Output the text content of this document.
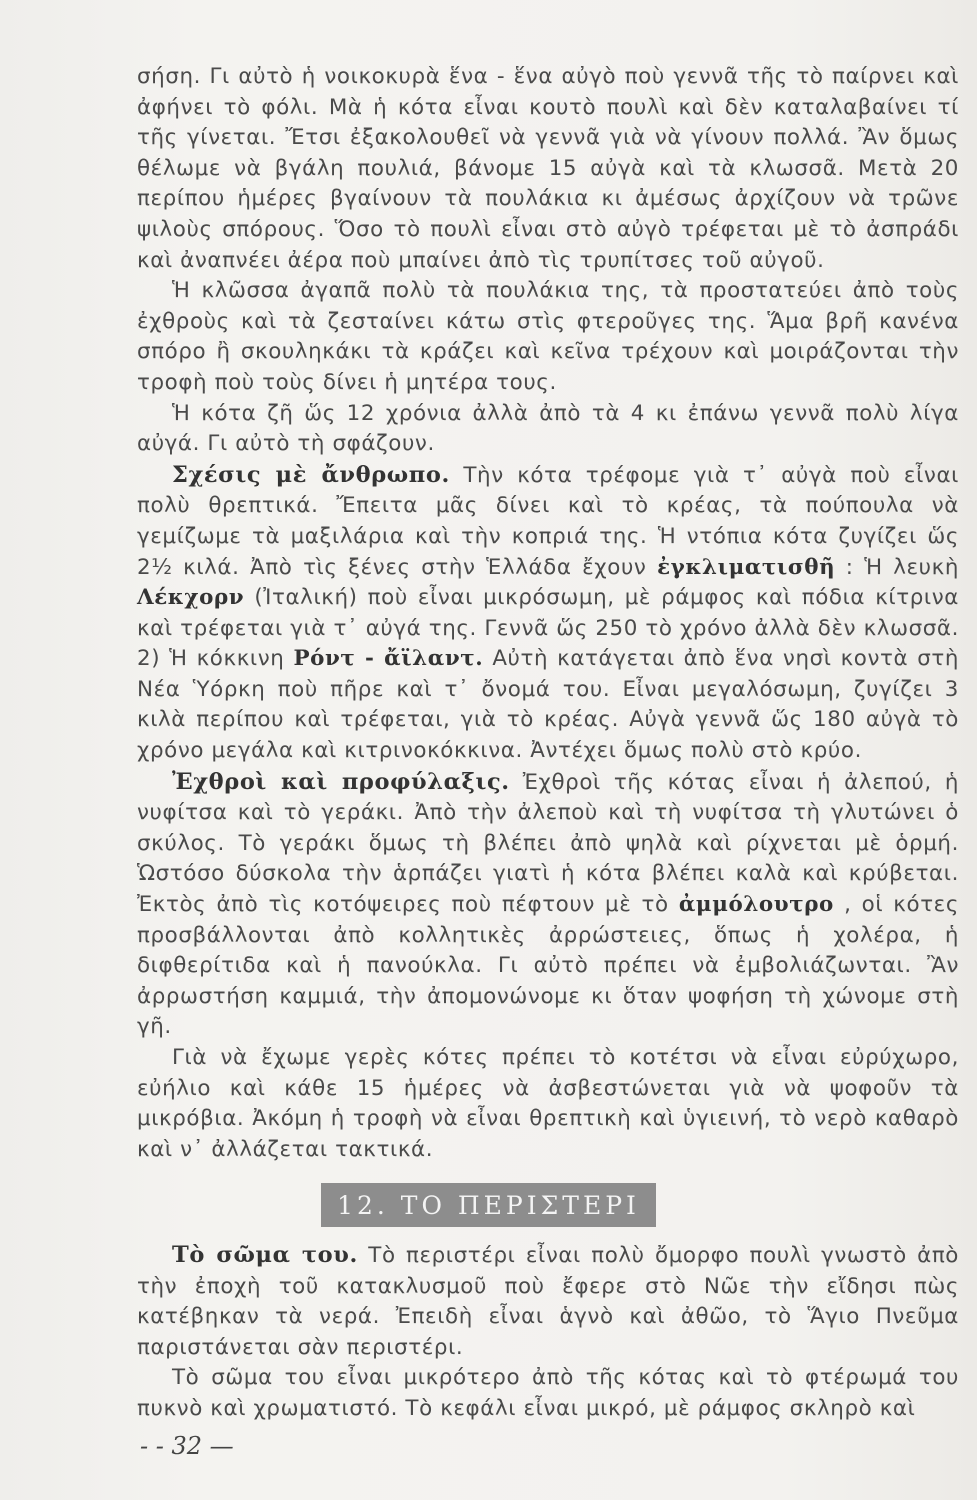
σήση. Γι αὐτὸ ἡ νοικοκυρὰ ἕνα - ἕνα αὐγὸ ποὺ γεννᾶ τῆς τὸ παίρνει καὶ ἀφήνει τὸ φόλι. Μὰ ἡ κότα εἶναι κουτὸ πουλὶ καὶ δὲν καταλαβαίνει τί τῆς γίνεται. Ἔτσι ἐξακολουθεῖ νὰ γεννᾶ γιὰ νὰ γίνουν πολλά. Ἂν ὅμως θέλωμε νὰ βγάλη πουλιά, βάνομε 15 αὐγὰ καὶ τὰ κλωσσᾶ. Μετὰ 20 περίπου ἡμέρες βγαίνουν τὰ πουλάκια κι ἀμέσως ἀρχίζουν νὰ τρῶνε ψιλοὺς σπόρους. Ὅσο τὸ πουλὶ εἶναι στὸ αὐγὸ τρέφεται μὲ τὸ ἀσπράδι καὶ ἀναπνέει ἀέρα ποὺ μπαίνει ἀπὸ τὶς τρυπίτσες τοῦ αὐγοῦ.

Ἡ κλῶσσα ἀγαπᾶ πολὺ τὰ πουλάκια της, τὰ προστατεύει ἀπὸ τοὺς ἐχθροὺς καὶ τὰ ζεσταίνει κάτω στὶς φτεροῦγες της. Ἅμα βρῆ κανένα σπόρο ἢ σκουληκάκι τὰ κράζει καὶ κεῖνα τρέχουν καὶ μοιράζονται τὴν τροφὴ ποὺ τοὺς δίνει ἡ μητέρα τους.

Ἡ κότα ζῆ ὥς 12 χρόνια ἀλλὰ ἀπὸ τὰ 4 κι ἐπάνω γεννᾶ πολὺ λίγα αὐγά. Γι αὐτὸ τὴ σφάζουν.

Σχέσις μὲ ἄνθρωπο. Τὴν κότα τρέφομε γιὰ τ᾽ αὐγὰ ποὺ εἶναι πολὺ θρεπτικά. Ἔπειτα μᾶς δίνει καὶ τὸ κρέας, τὰ πούπουλα νὰ γεμίζωμε τὰ μαξιλάρια καὶ τὴν κοπριά της. Ἡ ντόπια κότα ζυγίζει ὥς 2½ κιλά. Ἀπὸ τὶς ξένες στὴν Ἑλλάδα ἔχουν ἐγκλιματισθῆ : Ἡ λευκὴ Λέκχορν (Ἰταλική) ποὺ εἶναι μικρόσωμη, μὲ ράμφος καὶ πόδια κίτρινα καὶ τρέφεται γιὰ τ᾽ αὐγά της. Γεννᾶ ὥς 250 τὸ χρόνο ἀλλὰ δὲν κλωσσᾶ. 2) Ἡ κόκκινη Ρόντ - ἄϊλαντ. Αὐτὴ κατάγεται ἀπὸ ἕνα νησὶ κοντὰ στὴ Νέα Ὑόρκη ποὺ πῆρε καὶ τ᾽ ὄνομά του. Εἶναι μεγαλόσωμη, ζυγίζει 3 κιλὰ περίπου καὶ τρέφεται, γιὰ τὸ κρέας. Αὐγὰ γεννᾶ ὥς 180 αὐγὰ τὸ χρόνο μεγάλα καὶ κιτρινοκόκκινα. Ἀντέχει ὅμως πολὺ στὸ κρύο.

Ἐχθροὶ καὶ προφύλαξις. Ἐχθροὶ τῆς κότας εἶναι ἡ ἀλεπού, ἡ νυφίτσα καὶ τὸ γεράκι. Ἀπὸ τὴν ἀλεποὺ καὶ τὴ νυφίτσα τὴ γλυτώνει ὁ σκύλος. Τὸ γεράκι ὅμως τὴ βλέπει ἀπὸ ψηλὰ καὶ ρίχνεται μὲ ὁρμή. Ὡστόσο δύσκολα τὴν ἁρπάζει γιατὶ ἡ κότα βλέπει καλὰ καὶ κρύβεται. Ἐκτὸς ἀπὸ τὶς κοτόψειρες ποὺ πέφτουν μὲ τὸ ἀμμόλουτρο , οἱ κότες προσβάλλονται ἀπὸ κολλητικὲς ἀρρώστειες, ὅπως ἡ χολέρα, ἡ διφθερίτιδα καὶ ἡ πανούκλα. Γι αὐτὸ πρέπει νὰ ἐμβολιάζωνται. Ἂν ἀρρωστήση καμμιά, τὴν ἀπομονώνομε κι ὅταν ψοφήση τὴ χώνομε στὴ γῆ.

Γιὰ νὰ ἔχωμε γερὲς κότες πρέπει τὸ κοτέτσι νὰ εἶναι εὐρύχωρο, εὐήλιο καὶ κάθε 15 ἡμέρες νὰ ἀσβεστώνεται γιὰ νὰ ψοφοῦν τὰ μικρόβια. Ἀκόμη ἡ τροφὴ νὰ εἶναι θρεπτικὴ καὶ ὑγιεινή, τὸ νερὸ καθαρὸ καὶ ν᾽ ἀλλάζεται τακτικά.

12. ΤΟ ΠΕΡΙΣΤΕΡΙ

Τὸ σῶμα του. Τὸ περιστέρι εἶναι πολὺ ὄμορφο πουλὶ γνωστὸ ἀπὸ τὴν ἐποχὴ τοῦ κατακλυσμοῦ ποὺ ἔφερε στὸ Νῶε τὴν εἴδησι πὼς κατέβηκαν τὰ νερά. Ἐπειδὴ εἶναι ἁγνὸ καὶ ἀθῶο, τὸ Ἅγιο Πνεῦμα παριστάνεται σὰν περιστέρι.

Τὸ σῶμα του εἶναι μικρότερο ἀπὸ τῆς κότας καὶ τὸ φτέρωμά του πυκνὸ καὶ χρωματιστό. Τὸ κεφάλι εἶναι μικρό, μὲ ράμφος σκληρὸ καὶ

- - 32 —
